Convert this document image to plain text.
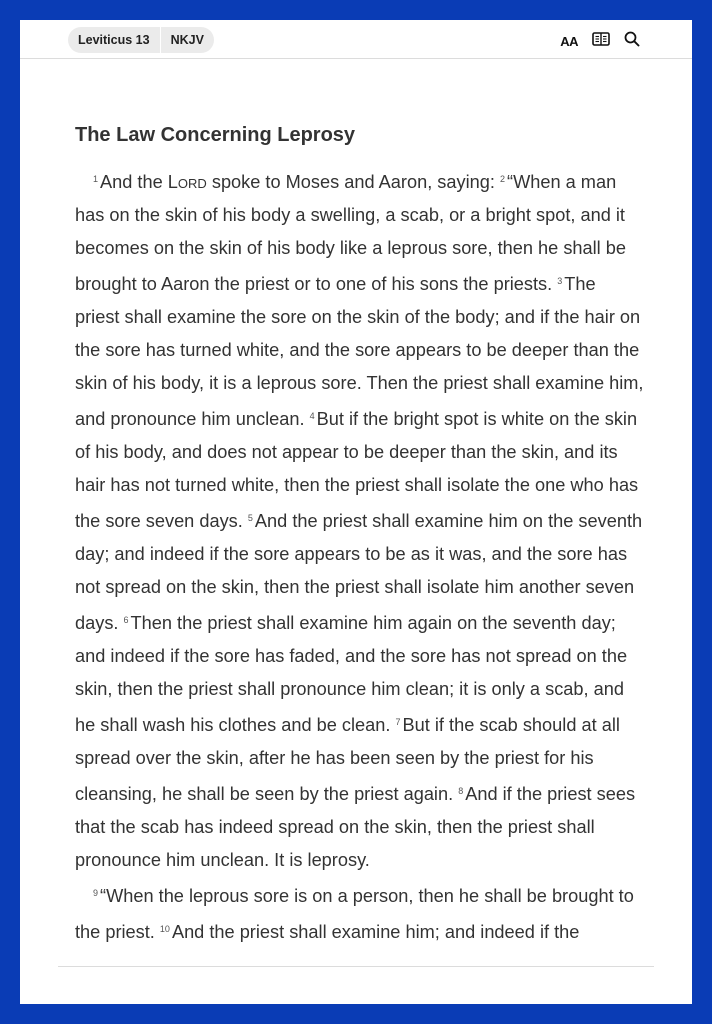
Leviticus 13	NKJV	AA
The Law Concerning Leprosy

$^1$ And the Lord spoke to Moses and Aaron, saying: $^2$ “When a man has on the skin of his body a swelling, a scab, or a bright spot, and it becomes on the skin of his body like a leprous sore, then he shall be brought to Aaron the priest or to one of his sons the priests. $^3$ The priest shall examine the sore on the skin of the body; and if the hair on the sore has turned white, and the sore appears to be deeper than the skin of his body, it is a leprous sore. Then the priest shall examine him, and pronounce him unclean. $^4$ But if the bright spot is white on the skin of his body, and does not appear to be deeper than the skin, and its hair has not turned white, then the priest shall isolate the one who has the sore seven days. $^5$ And the priest shall examine him on the seventh day; and indeed if the sore appears to be as it was, and the sore has not spread on the skin, then the priest shall isolate him another seven days. $^6$ Then the priest shall examine him again on the seventh day; and indeed if the sore has faded, and the sore has not spread on the skin, then the priest shall pronounce him clean; it is only a scab, and he shall wash his clothes and be clean. $^7$ But if the scab should at all spread over the skin, after he has been seen by the priest for his cleansing, he shall be seen by the priest again. $^8$ And if the priest sees that the scab has indeed spread on the skin, then the priest shall pronounce him unclean. It is leprosy.

$^9$ “When the leprous sore is on a person, then he shall be brought to the priest. $^{10}$ And the priest shall examine him; and indeed if the
